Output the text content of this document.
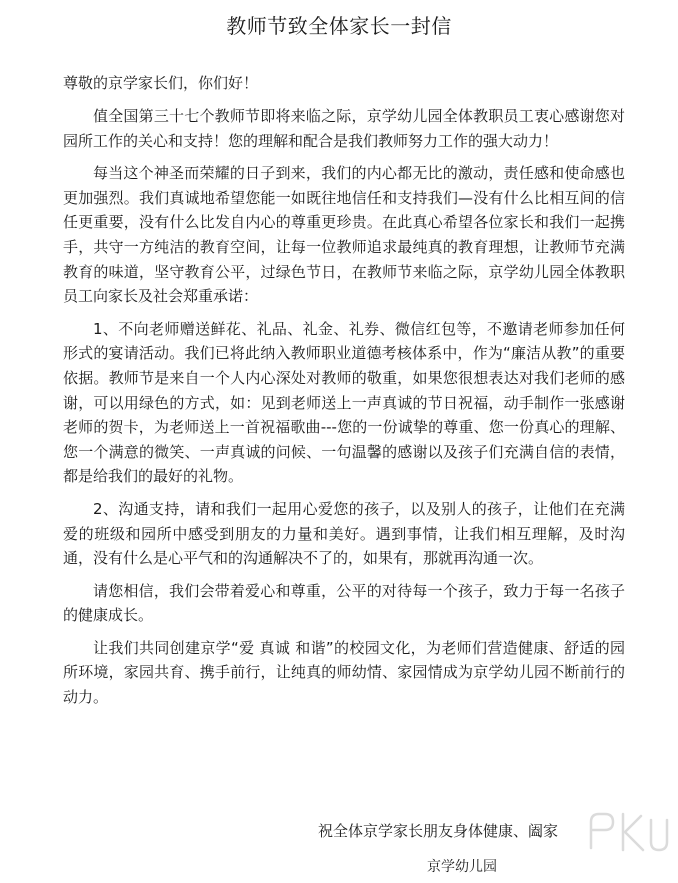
教师节致全体家长一封信
尊敬的京学家长们，你们好！

值全国第三十七个教师节即将来临之际，京学幼儿园全体教职员工衷心感谢您对园所工作的关心和支持！您的理解和配合是我们教师努力工作的强大动力！

每当这个神圣而荣耀的日子到来，我们的内心都无比的激动，责任感和使命感也更加强烈。我们真诚地希望您能一如既往地信任和支持我们—没有什么比相互间的信任更重要，没有什么比发自内心的尊重更珍贵。在此真心希望各位家长和我们一起携手，共守一方纯洁的教育空间，让每一位教师追求最纯真的教育理想，让教师节充满教育的味道，坚守教育公平，过绿色节日，在教师节来临之际，京学幼儿园全体教职员工向家长及社会郑重承诺：

1、不向老师赠送鲜花、礼品、礼金、礼券、微信红包等，不邀请老师参加任何形式的宴请活动。我们已将此纳入教师职业道德考核体系中，作为“廉洁从教”的重要依据。教师节是来自一个人内心深处对教师的敬重，如果您很想表达对我们老师的感谢，可以用绿色的方式，如：见到老师送上一声真诚的节日祝福，动手制作一张感谢老师的贺卡，为老师送上一首祝福歌曲---您的一份诚挚的尊重、您一份真心的理解、您一个满意的微笑、一声真诚的问候、一句温馨的感谢以及孩子们充满自信的表情，都是给我们的最好的礼物。

2、沟通支持，请和我们一起用心爱您的孩子，以及别人的孩子，让他们在充满爱的班级和园所中感受到朋友的力量和美好。遇到事情，让我们相互理解，及时沟通，没有什么是心平气和的沟通解决不了的，如果有，那就再沟通一次。

请您相信，我们会带着爱心和尊重，公平的对待每一个孩子，致力于每一名孩子的健康成长。

让我们共同创建京学“爱 真诚 和谐”的校园文化，为老师们营造健康、舒适的园所环境，家园共育、携手前行，让纯真的师幼情、家园情成为京学幼儿园不断前行的动力。

祝全体京学家长朋友身体健康、阖家
京学幼儿园
